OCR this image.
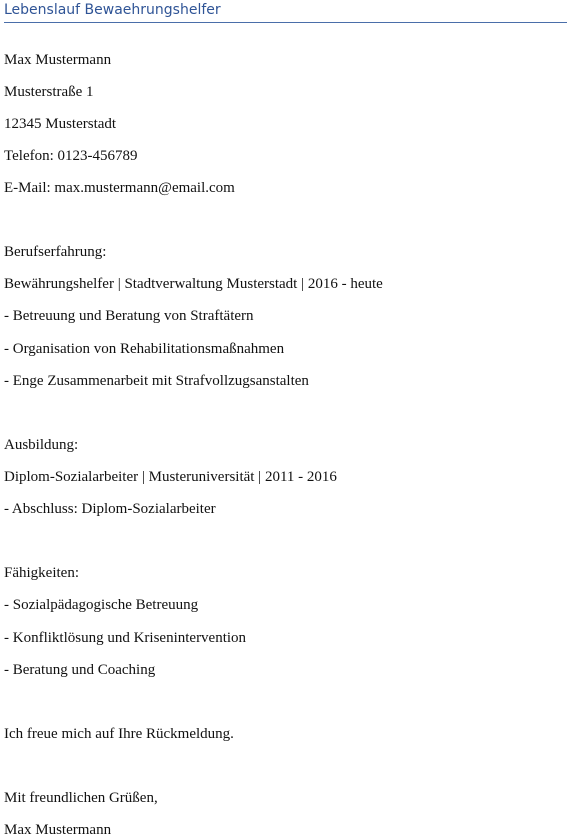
Lebenslauf Bewaehrungshelfer
Max Mustermann
Musterstraße 1
12345 Musterstadt
Telefon: 0123-456789
E-Mail: max.mustermann@email.com
Berufserfahrung:
Bewährungshelfer | Stadtverwaltung Musterstadt | 2016 - heute
- Betreuung und Beratung von Straftätern
- Organisation von Rehabilitationsmaßnahmen
- Enge Zusammenarbeit mit Strafvollzugsanstalten
Ausbildung:
Diplom-Sozialarbeiter | Musteruniversität | 2011 - 2016
- Abschluss: Diplom-Sozialarbeiter
Fähigkeiten:
- Sozialpädagogische Betreuung
- Konfliktlösung und Krisenintervention
- Beratung und Coaching
Ich freue mich auf Ihre Rückmeldung.
Mit freundlichen Grüßen,
Max Mustermann
